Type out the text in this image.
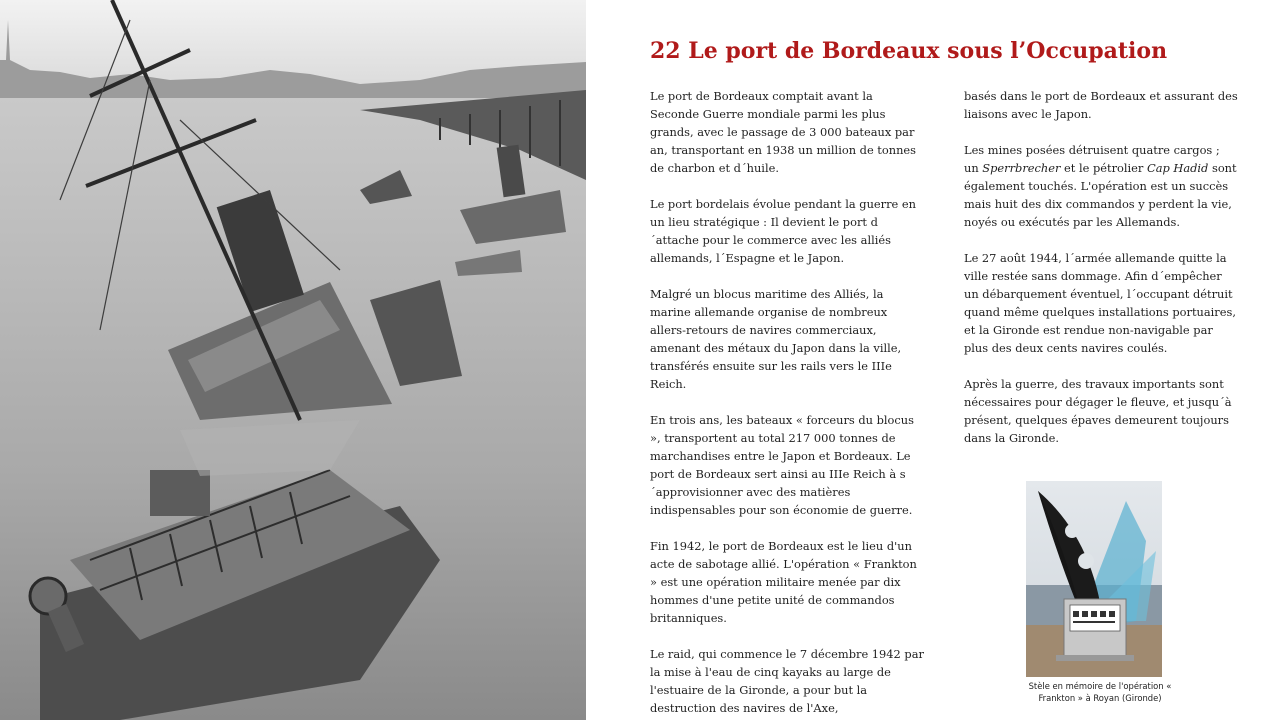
22 Le port de Bordeaux sous l’Occupation

Le port de Bordeaux comptait avant la Seconde Guerre mondiale parmi les plus grands, avec le passage de 3 000 bateaux par an, transportant en 1938 un million de tonnes de charbon et d´huile.

Le port bordelais évolue pendant la guerre en un lieu stratégique : Il devient le port d´attache pour le commerce avec les alliés allemands, l´Espagne et le Japon.

Malgré un blocus maritime des Alliés, la marine allemande organise de nombreux allers-retours de navires commerciaux, amenant des métaux du Japon dans la ville, transférés ensuite sur les rails vers le IIIe Reich.

En trois ans, les bateaux « forceurs du blocus », transportent au total 217 000 tonnes de marchandises entre le Japon et Bordeaux. Le port de Bordeaux sert ainsi au IIIe Reich à s´approvisionner avec des matières indispensables pour son économie de guerre.

Fin 1942, le port de Bordeaux est le lieu d'un acte de sabotage allié. L'opération « Frankton » est une opération militaire menée par dix hommes d'une petite unité de commandos britanniques.

Le raid, qui commence le 7 décembre 1942 par la mise à l'eau de cinq kayaks au large de l'estuaire de la Gironde, a pour but la destruction des navires de l'Axe,

basés dans le port de Bordeaux et assurant des liaisons avec le Japon.

Les mines posées détruisent quatre cargos ; un Sperrbrecher et le pétrolier Cap Hadid sont également touchés. L'opération est un succès mais huit des dix commandos y perdent la vie, noyés ou exécutés par les Allemands.

Le 27 août 1944, l´armée allemande quitte la ville restée sans dommage. Afin d´empêcher un débarquement éventuel, l´occupant détruit quand même quelques installations portuaires, et la Gironde est rendue non-navigable par plus des deux cents navires coulés.

Après la guerre, des travaux importants sont nécessaires pour dégager le fleuve, et jusqu´à présent, quelques épaves demeurent toujours dans la Gironde.

Stèle en mémoire de l'opération « Frankton » à Royan (Gironde)
